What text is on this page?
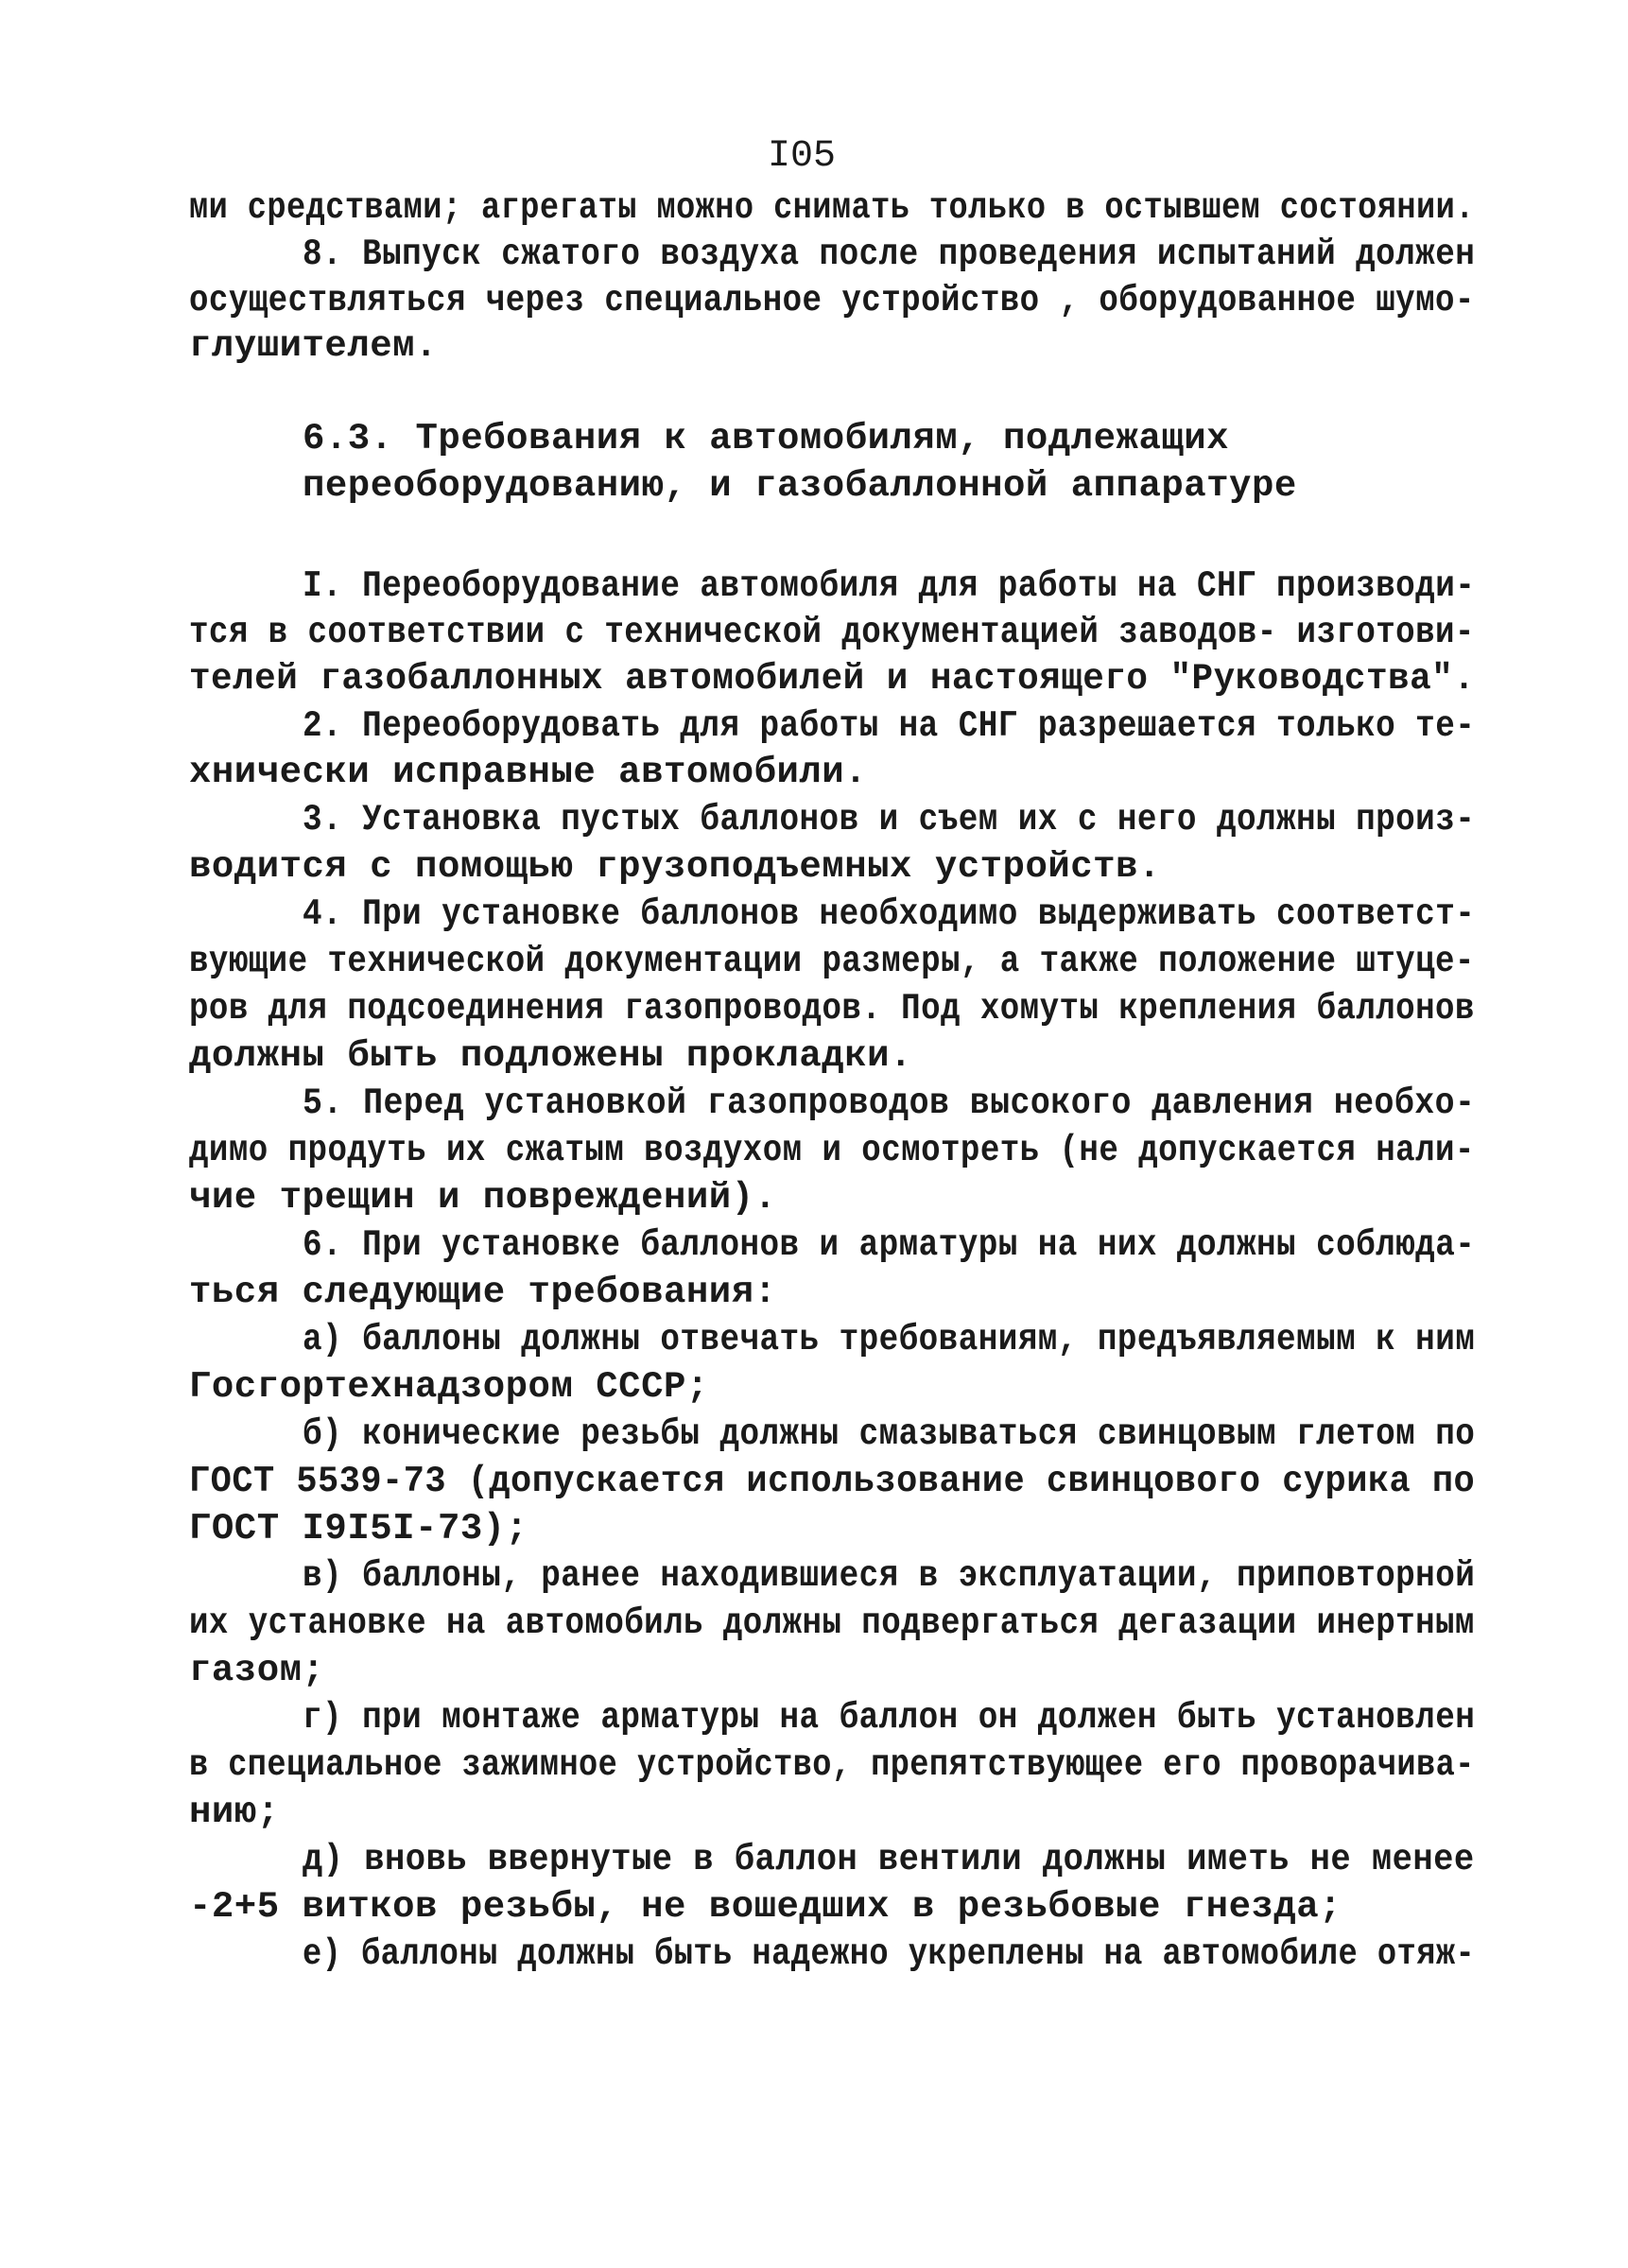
I05
ми средствами; агрегаты можно снимать только в остывшем состоянии.
8. Выпуск сжатого воздуха после проведения испытаний должен
осуществляться через специальное устройство , оборудованное шумо-
глушителем.
6.3. Требования к автомобилям, подлежащих
переоборудованию, и газобаллонной аппаратуре
I. Переоборудование автомобиля для работы на СНГ производи-
тся в соответствии с технической документацией заводов- изготови-
телей газобаллонных автомобилей и настоящего "Руководства".
2. Переоборудовать для работы на СНГ разрешается только те-
хнически исправные автомобили.
3. Установка пустых баллонов и съем их с него должны произ-
водится с помощью грузоподъемных устройств.
4. При установке баллонов необходимо выдерживать соответст-
вующие технической документации размеры, а также положение штуце-
ров для подсоединения газопроводов. Под хомуты крепления баллонов
должны быть подложены прокладки.
5. Перед установкой газопроводов высокого давления необхо-
димо продуть их сжатым воздухом и осмотреть (не допускается нали-
чие трещин и повреждений).
6. При установке баллонов и арматуры на них должны соблюда-
ться следующие требования:
а) баллоны должны отвечать требованиям, предъявляемым к ним
Госгортехнадзором СССР;
б) конические резьбы должны смазываться свинцовым глетом по
ГОСТ 5539-73 (допускается использование свинцового сурика по
ГОСТ I9I5I-73);
в) баллоны, ранее находившиеся в эксплуатации, приповторной
их установке на автомобиль должны подвергаться дегазации инертным
газом;
г) при монтаже арматуры на баллон он должен быть установлен
в специальное зажимное устройство, препятствующее его проворачива-
нию;
д) вновь ввернутые в баллон вентили должны иметь не менее
-2+5 витков резьбы, не вошедших в резьбовые гнезда;
е) баллоны должны быть надежно укреплены на автомобиле отяж-
